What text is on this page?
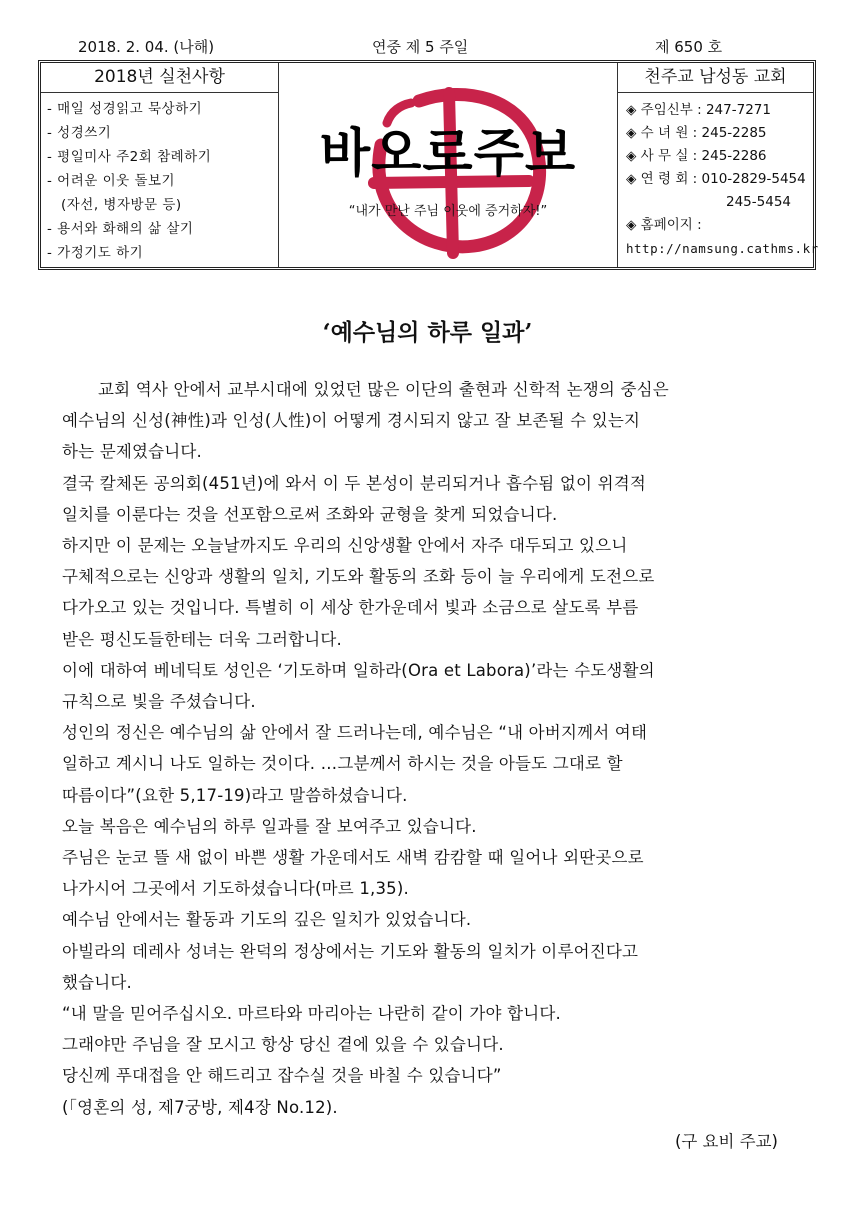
2018. 2. 04. (나해)	연중 제 5 주일	제 650 호
2018년 실천사항
- 매일 성경읽고 묵상하기
- 성경쓰기
- 평일미사 주2회 참례하기
- 어려운 이웃 돌보기
(자선, 병자방문 등)
- 용서와 화해의 삶 살기
- 가정기도 하기
바오로주보
“내가 만난 주님 이웃에 증거하자!”
천주교 남성동 교회
◈ 주임신부 : 247-7271
◈ 수 녀 원 : 245-2285
◈ 사 무 실 : 245-2286
◈ 연 령 회 : 010-2829-5454
245-5454
◈ 홈페이지 :
http://namsung.cathms.kr
‘예수님의 하루 일과’

교회 역사 안에서 교부시대에 있었던 많은 이단의 출현과 신학적 논쟁의 중심은

예수님의 신성(神性)과 인성(人性)이 어떻게 경시되지 않고 잘 보존될 수 있는지

하는 문제였습니다.

결국 칼체돈 공의회(451년)에 와서 이 두 본성이 분리되거나 흡수됨 없이 위격적

일치를 이룬다는 것을 선포함으로써 조화와 균형을 찾게 되었습니다.

하지만 이 문제는 오늘날까지도 우리의 신앙생활 안에서 자주 대두되고 있으니

구체적으로는 신앙과 생활의 일치, 기도와 활동의 조화 등이 늘 우리에게 도전으로

다가오고 있는 것입니다. 특별히 이 세상 한가운데서 빛과 소금으로 살도록 부름

받은 평신도들한테는 더욱 그러합니다.

이에 대하여 베네딕토 성인은 ‘기도하며 일하라(Ora et Labora)’라는 수도생활의

규칙으로 빛을 주셨습니다.

성인의 정신은 예수님의 삶 안에서 잘 드러나는데, 예수님은 “내 아버지께서 여태

일하고 계시니 나도 일하는 것이다. …그분께서 하시는 것을 아들도 그대로 할

따름이다”(요한 5,17-19)라고 말씀하셨습니다.

오늘 복음은 예수님의 하루 일과를 잘 보여주고 있습니다.

주님은 눈코 뜰 새 없이 바쁜 생활 가운데서도 새벽 캄캄할 때 일어나 외딴곳으로

나가시어 그곳에서 기도하셨습니다(마르 1,35).

예수님 안에서는 활동과 기도의 깊은 일치가 있었습니다.

아빌라의 데레사 성녀는 완덕의 정상에서는 기도와 활동의 일치가 이루어진다고

했습니다.

“내 말을 믿어주십시오. 마르타와 마리아는 나란히 같이 가야 합니다.

그래야만 주님을 잘 모시고 항상 당신 곁에 있을 수 있습니다.

당신께 푸대접을 안 해드리고 잡수실 것을 바칠 수 있습니다”

(「영혼의 성, 제7궁방, 제4장 No.12).

(구 요비 주교)
